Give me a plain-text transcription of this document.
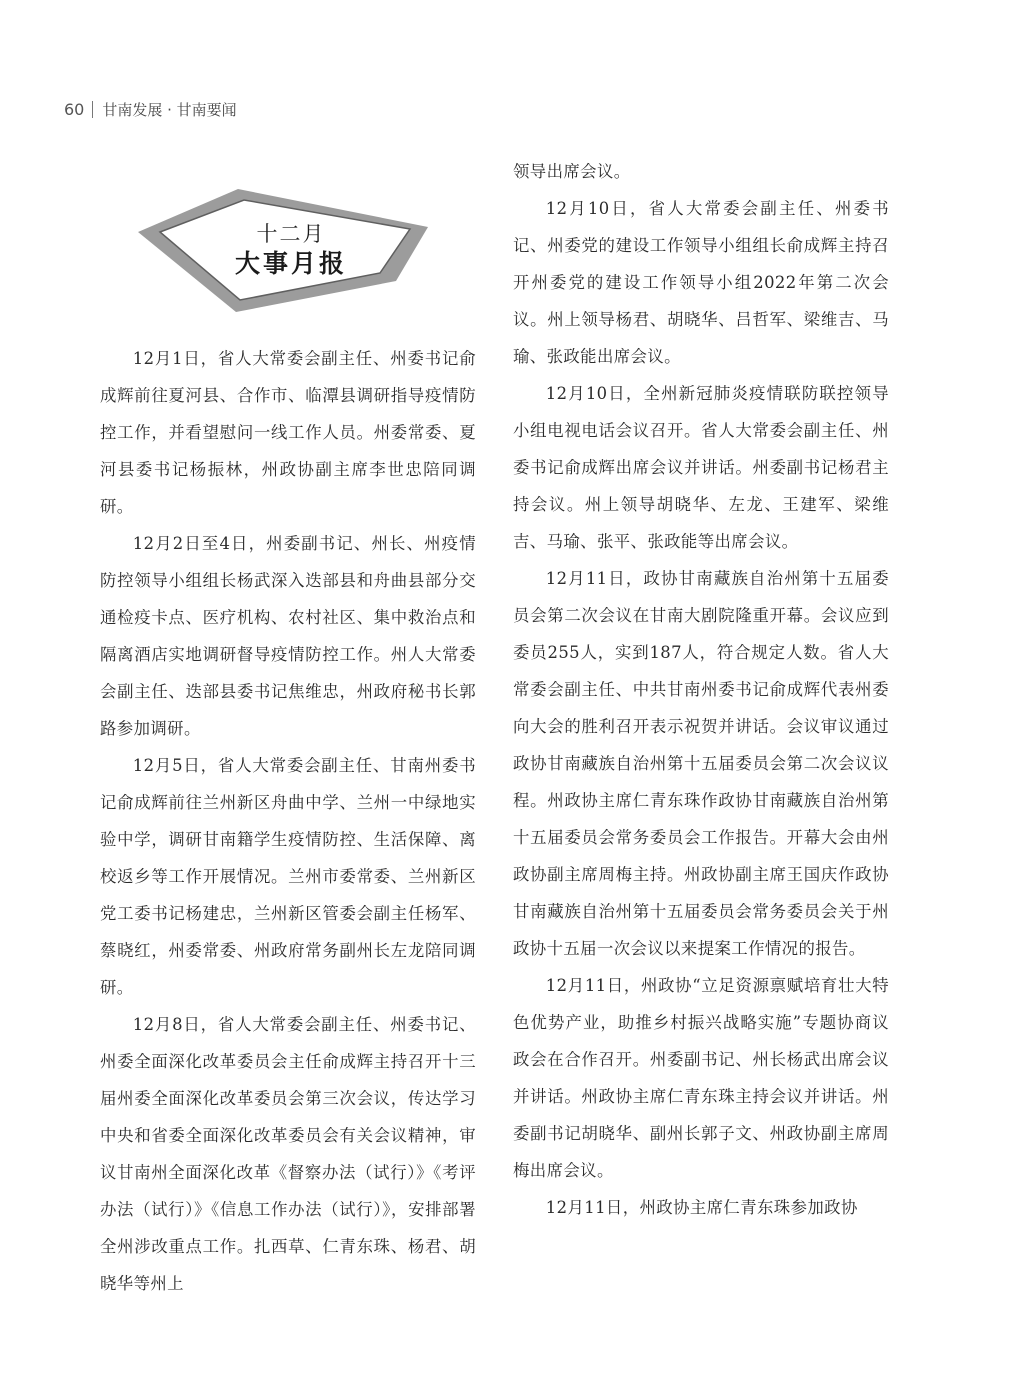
60 甘南发展 · 甘南要闻
十二月
大事月报

12月1日，省人大常委会副主任、州委书记俞成辉前往夏河县、合作市、临潭县调研指导疫情防控工作，并看望慰问一线工作人员。州委常委、夏河县委书记杨振林，州政协副主席李世忠陪同调研。

12月2日至4日，州委副书记、州长、州疫情防控领导小组组长杨武深入迭部县和舟曲县部分交通检疫卡点、医疗机构、农村社区、集中救治点和隔离酒店实地调研督导疫情防控工作。州人大常委会副主任、迭部县委书记焦维忠，州政府秘书长郭路参加调研。

12月5日，省人大常委会副主任、甘南州委书记俞成辉前往兰州新区舟曲中学、兰州一中绿地实验中学，调研甘南籍学生疫情防控、生活保障、离校返乡等工作开展情况。兰州市委常委、兰州新区党工委书记杨建忠，兰州新区管委会副主任杨军、蔡晓红，州委常委、州政府常务副州长左龙陪同调研。

12月8日，省人大常委会副主任、州委书记、州委全面深化改革委员会主任俞成辉主持召开十三届州委全面深化改革委员会第三次会议，传达学习中央和省委全面深化改革委员会有关会议精神，审议甘南州全面深化改革《督察办法（试行）》《考评办法（试行）》《信息工作办法（试行）》，安排部署全州涉改重点工作。扎西草、仁青东珠、杨君、胡晓华等州上

领导出席会议。

12月10日，省人大常委会副主任、州委书记、州委党的建设工作领导小组组长俞成辉主持召开州委党的建设工作领导小组2022年第二次会议。州上领导杨君、胡晓华、吕哲军、梁维吉、马瑜、张政能出席会议。

12月10日，全州新冠肺炎疫情联防联控领导小组电视电话会议召开。省人大常委会副主任、州委书记俞成辉出席会议并讲话。州委副书记杨君主持会议。州上领导胡晓华、左龙、王建军、梁维吉、马瑜、张平、张政能等出席会议。

12月11日，政协甘南藏族自治州第十五届委员会第二次会议在甘南大剧院隆重开幕。会议应到委员255人，实到187人，符合规定人数。省人大常委会副主任、中共甘南州委书记俞成辉代表州委向大会的胜利召开表示祝贺并讲话。会议审议通过政协甘南藏族自治州第十五届委员会第二次会议议程。州政协主席仁青东珠作政协甘南藏族自治州第十五届委员会常务委员会工作报告。开幕大会由州政协副主席周梅主持。州政协副主席王国庆作政协甘南藏族自治州第十五届委员会常务委员会关于州政协十五届一次会议以来提案工作情况的报告。

12月11日，州政协“立足资源禀赋培育壮大特色优势产业，助推乡村振兴战略实施”专题协商议政会在合作召开。州委副书记、州长杨武出席会议并讲话。州政协主席仁青东珠主持会议并讲话。州委副书记胡晓华、副州长郭子文、州政协副主席周梅出席会议。

12月11日，州政协主席仁青东珠参加政协
